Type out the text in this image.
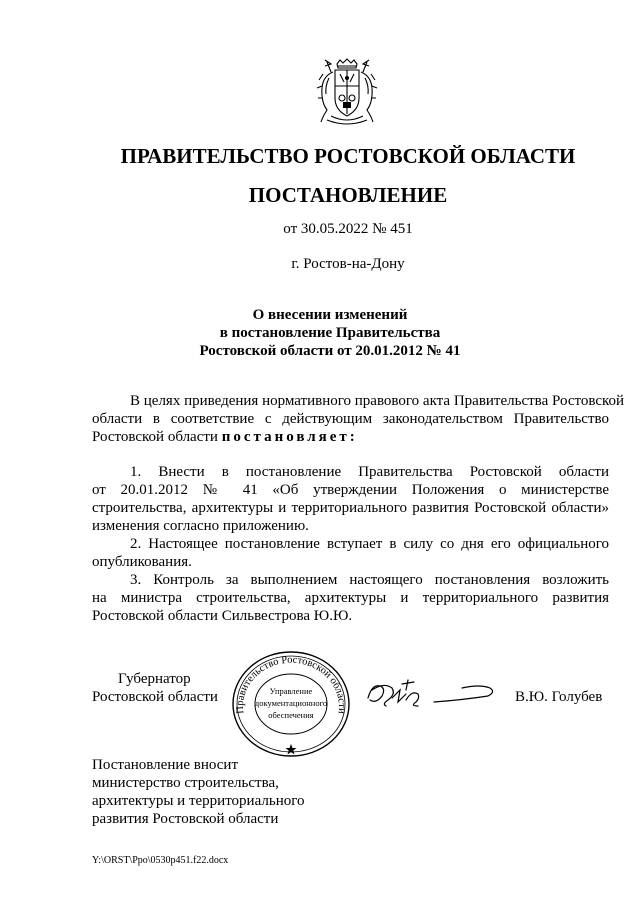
ПРАВИТЕЛЬСТВО РОСТОВСКОЙ ОБЛАСТИ
ПОСТАНОВЛЕНИЕ
от 30.05.2022 № 451
г. Ростов-на-Дону
О внесении изменений
в постановление Правительства
Ростовской области от 20.01.2012 № 41
В целях приведения нормативного правового акта Правительства Ростовской
области в соответствие с действующим законодательством Правительство
Ростовской области постановляет:
1. Внести в постановление Правительства Ростовской области
от 20.01.2012 № 41 «Об утверждении Положения о министерстве
строительства, архитектуры и территориального развития Ростовской области»
изменения согласно приложению.
2. Настоящее постановление вступает в силу со дня его официального
опубликования.
3. Контроль за выполнением настоящего постановления возложить
на министра строительства, архитектуры и территориального развития
Ростовской области Сильвестрова Ю.Ю.
Губернатор
Ростовской области	В.Ю. Голубев
Правительство Ростовской области
Управление
документационного
обеспечения
Постановление вносит
министерство строительства,
архитектуры и территориального
развития Ростовской области
Y:\ORST\Ppo\0530p451.f22.docx
